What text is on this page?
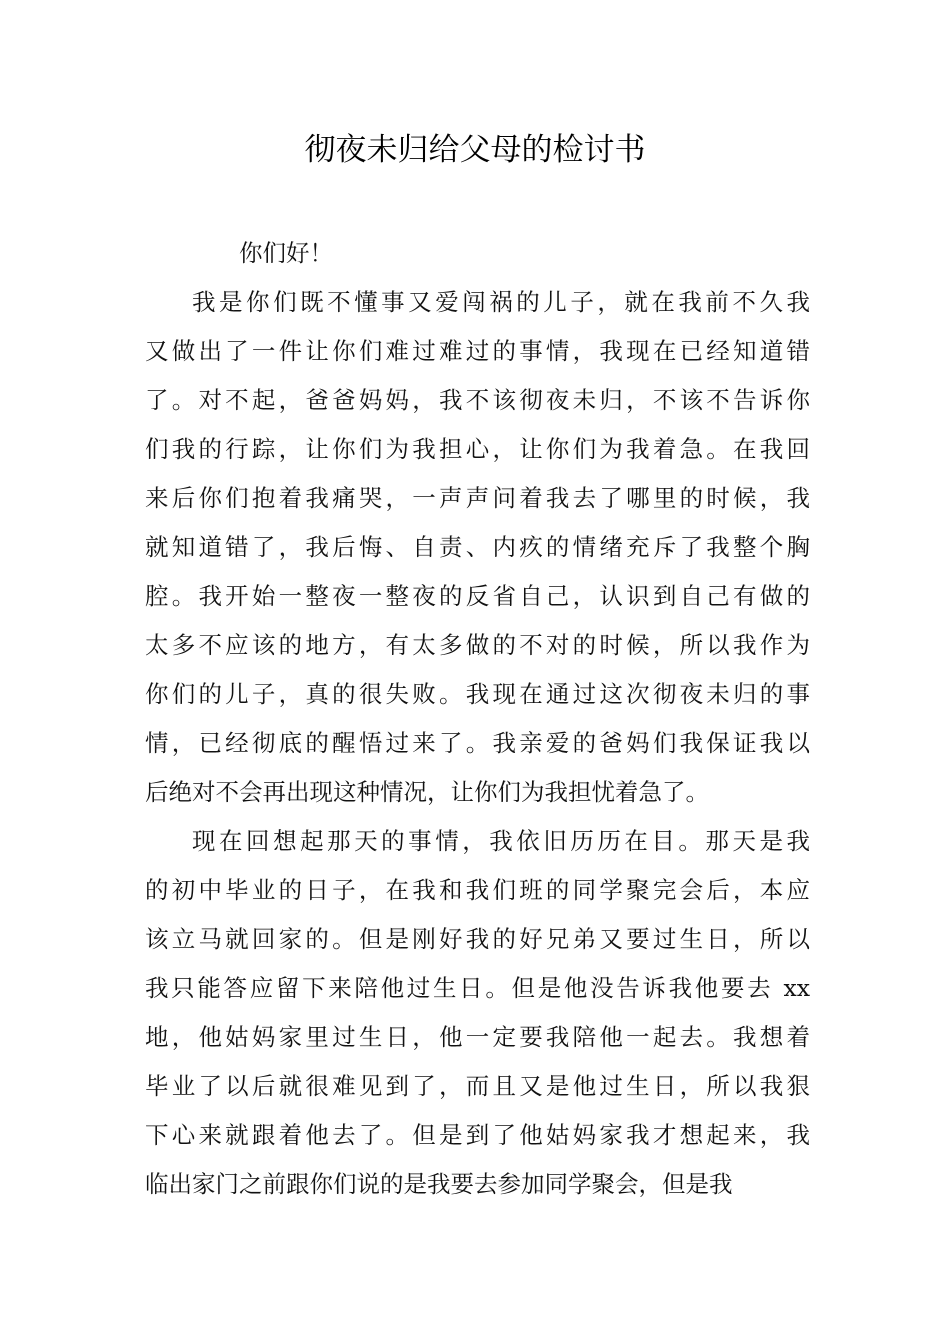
彻夜未归给父母的检讨书

你们好！

我是你们既不懂事又爱闯祸的儿子，就在我前不久我
又做出了一件让你们难过难过的事情，我现在已经知道错
了。对不起，爸爸妈妈，我不该彻夜未归，不该不告诉你
们我的行踪，让你们为我担心，让你们为我着急。在我回
来后你们抱着我痛哭，一声声问着我去了哪里的时候，我
就知道错了，我后悔、自责、内疚的情绪充斥了我整个胸
腔。我开始一整夜一整夜的反省自己，认识到自己有做的
太多不应该的地方，有太多做的不对的时候，所以我作为
你们的儿子，真的很失败。我现在通过这次彻夜未归的事
情，已经彻底的醒悟过来了。我亲爱的爸妈们我保证我以
后绝对不会再出现这种情况，让你们为我担忧着急了。
现在回想起那天的事情，我依旧历历在目。那天是我
的初中毕业的日子，在我和我们班的同学聚完会后，本应
该立马就回家的。但是刚好我的好兄弟又要过生日，所以
我只能答应留下来陪他过生日。但是他没告诉我他要去 xx
地，他姑妈家里过生日，他一定要我陪他一起去。我想着
毕业了以后就很难见到了，而且又是他过生日，所以我狠
下心来就跟着他去了。但是到了他姑妈家我才想起来，我
临出家门之前跟你们说的是我要去参加同学聚会，但是我
